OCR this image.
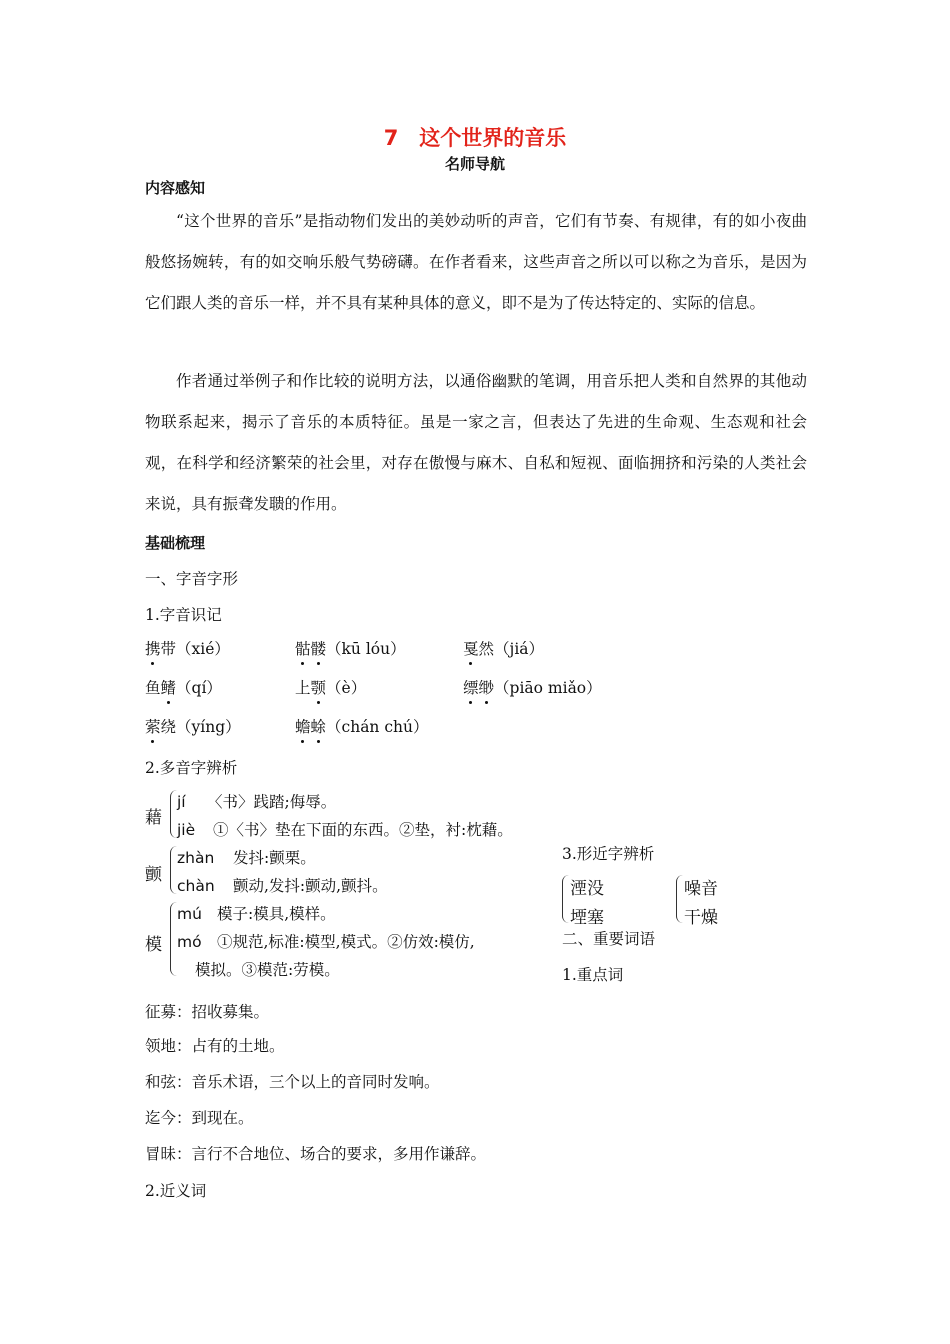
7　这个世界的音乐
名师导航
内容感知
“这个世界的音乐”是指动物们发出的美妙动听的声音，它们有节奏、有规律，有的如小夜曲般悠扬婉转，有的如交响乐般气势磅礴。在作者看来，这些声音之所以可以称之为音乐，是因为它们跟人类的音乐一样，并不具有某种具体的意义，即不是为了传达特定的、实际的信息。
作者通过举例子和作比较的说明方法，以通俗幽默的笔调，用音乐把人类和自然界的其他动物联系起来，揭示了音乐的本质特征。虽是一家之言，但表达了先进的生命观、生态观和社会观，在科学和经济繁荣的社会里，对存在傲慢与麻木、自私和短视、面临拥挤和污染的人类社会来说，具有振聋发聩的作用。
基础梳理
一、字音字形
1.字音识记
携带（xié）	骷髅（kū lóu）	戛然（jiá）
鱼鳍（qí）	上颚（è）	缥缈（piāo miǎo）
萦绕（yíng）	蟾蜍（chán chú）
2.多音字辨析
藉
jí 〈书〉践踏;侮辱。
jiè ①〈书〉垫在下面的东西。②垫，衬:枕藉。
颤
zhàn 发抖:颤栗。
chàn 颤动,发抖:颤动,颤抖。
模
mú 模子:模具,模样。
mó ①规范,标准:模型,模式。②仿效:模仿,
模拟。③模范:劳模。
3.形近字辨析
湮没
堙塞
噪音
干燥
二、重要词语
1.重点词
征募：招收募集。
领地：占有的土地。
和弦：音乐术语，三个以上的音同时发响。
迄今：到现在。
冒昧：言行不合地位、场合的要求，多用作谦辞。
2.近义词
